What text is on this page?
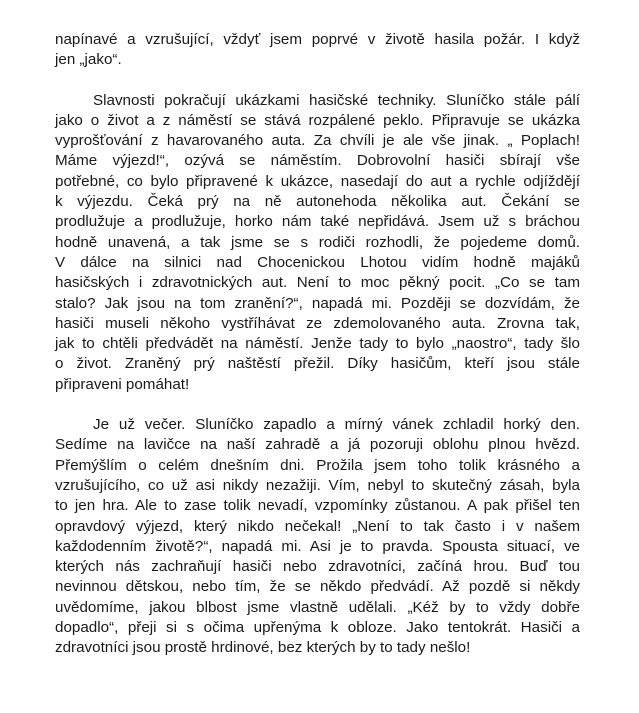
napínavé a vzrušující, vždyť jsem poprvé v životě hasila požár. I když
jen „jako“.

Slavnosti pokračují ukázkami hasičské techniky. Sluníčko stále pálí
jako o život a z náměstí se stává rozpálené peklo. Připravuje se ukázka
vyprošťování z havarovaného auta. Za chvíli je ale vše jinak. „ Poplach!
Máme výjezd!“, ozývá se náměstím. Dobrovolní hasiči sbírají vše
potřebné, co bylo připravené k ukázce, nasedají do aut a rychle odjíždějí
k výjezdu. Čeká prý na ně autonehoda několika aut. Čekání se
prodlužuje a prodlužuje, horko nám také nepřidává. Jsem už s bráchou
hodně unavená, a tak jsme se s rodiči rozhodli, že pojedeme domů.
V dálce na silnici nad Chocenickou Lhotou vidím hodně majáků
hasičských i zdravotnických aut. Není to moc pěkný pocit. „Co se tam
stalo? Jak jsou na tom zranění?“, napadá mi. Později se dozvídám, že
hasiči museli někoho vystříhávat ze zdemolovaného auta. Zrovna tak,
jak to chtěli předvádět na náměstí. Jenže tady to bylo „naostro“, tady šlo
o život. Zraněný prý naštěstí přežil. Díky hasičům, kteří jsou stále
připraveni pomáhat!

Je už večer. Sluníčko zapadlo a mírný vánek zchladil horký den.
Sedíme na lavičce na naší zahradě a já pozoruji oblohu plnou hvězd.
Přemýšlím o celém dnešním dni. Prožila jsem toho tolik krásného a
vzrušujícího, co už asi nikdy nezažiji. Vím, nebyl to skutečný zásah, byla
to jen hra. Ale to zase tolik nevadí, vzpomínky zůstanou. A pak přišel ten
opravdový výjezd, který nikdo nečekal! „Není to tak často i v našem
každodenním životě?“, napadá mi. Asi je to pravda. Spousta situací, ve
kterých nás zachraňují hasiči nebo zdravotníci, začíná hrou. Buď tou
nevinnou dětskou, nebo tím, že se někdo předvádí. Až pozdě si někdy
uvědomíme, jakou blbost jsme vlastně udělali. „Kéž by to vždy dobře
dopadlo“, přeji si s očima upřenýma k obloze. Jako tentokrát. Hasiči a
zdravotníci jsou prostě hrdinové, bez kterých by to tady nešlo!
